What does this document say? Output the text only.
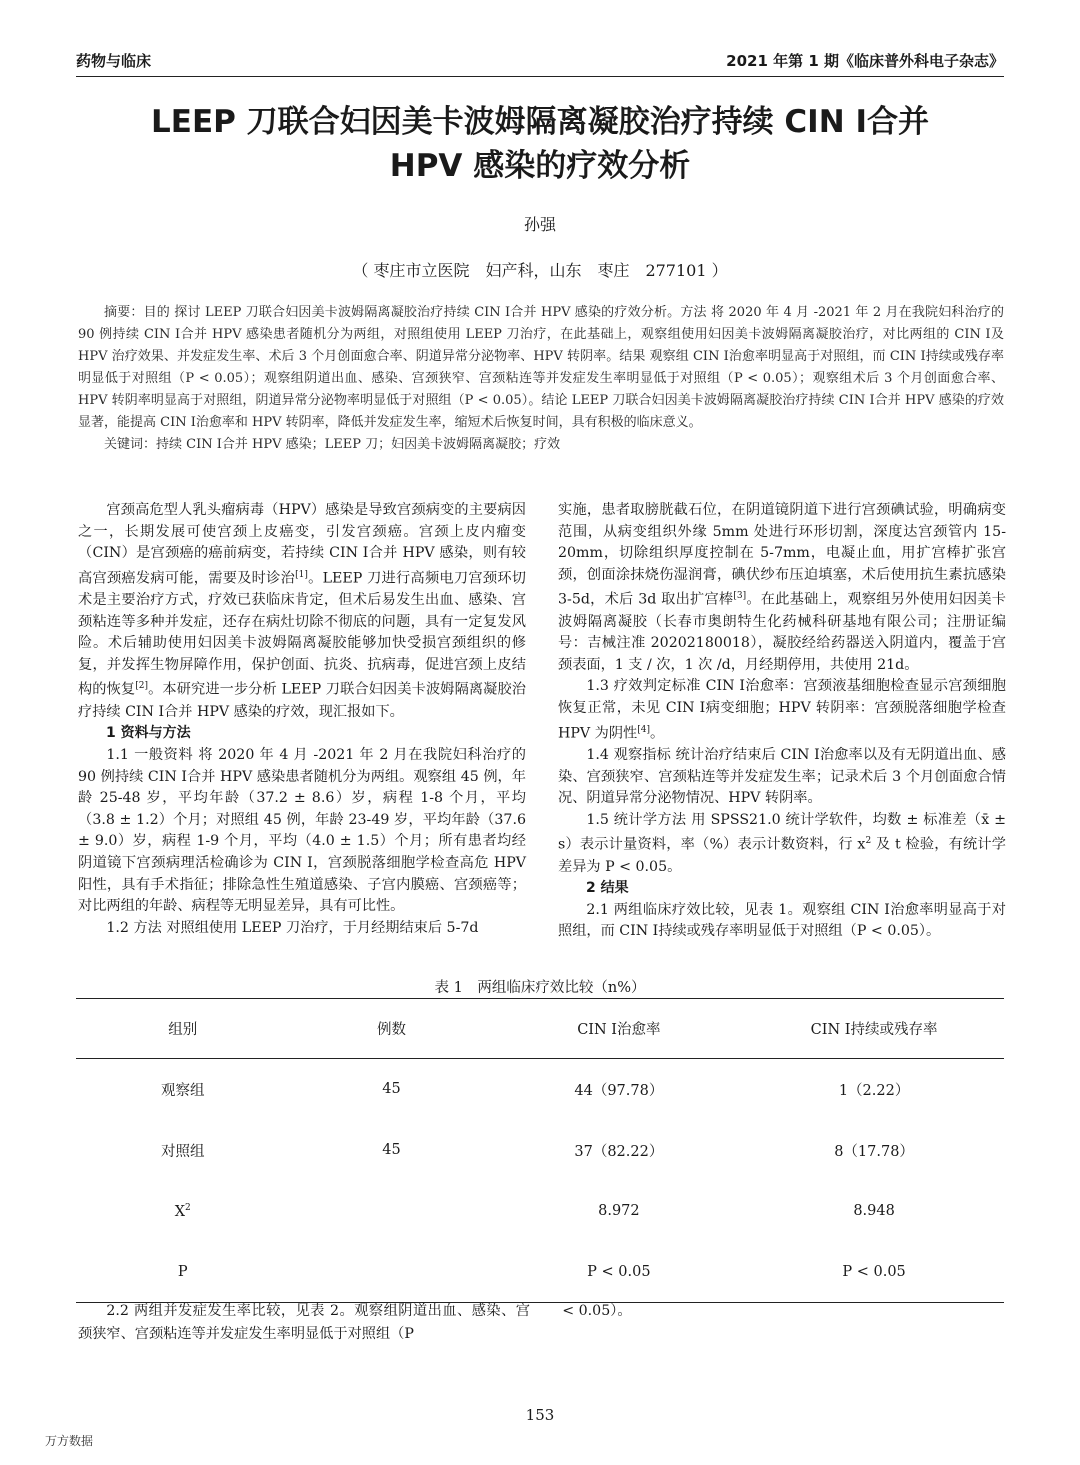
药物与临床	2021 年第 1 期《临床普外科电子杂志》
LEEP 刀联合妇因美卡波姆隔离凝胶治疗持续 CIN Ⅰ合并
HPV 感染的疗效分析
孙强
（ 枣庄市立医院　妇产科，山东　枣庄　277101 ）

摘要：目的 探讨 LEEP 刀联合妇因美卡波姆隔离凝胶治疗持续 CIN Ⅰ合并 HPV 感染的疗效分析。方法 将 2020 年 4 月 -2021 年 2 月在我院妇科治疗的 90 例持续 CIN Ⅰ合并 HPV 感染患者随机分为两组，对照组使用 LEEP 刀治疗，在此基础上，观察组使用妇因美卡波姆隔离凝胶治疗，对比两组的 CIN Ⅰ及 HPV 治疗效果、并发症发生率、术后 3 个月创面愈合率、阴道异常分泌物率、HPV 转阴率。结果 观察组 CIN Ⅰ治愈率明显高于对照组，而 CIN Ⅰ持续或残存率明显低于对照组（P < 0.05）；观察组阴道出血、感染、宫颈狭窄、宫颈粘连等并发症发生率明显低于对照组（P < 0.05）；观察组术后 3 个月创面愈合率、HPV 转阴率明显高于对照组，阴道异常分泌物率明显低于对照组（P < 0.05）。结论 LEEP 刀联合妇因美卡波姆隔离凝胶治疗持续 CIN Ⅰ合并 HPV 感染的疗效显著，能提高 CIN Ⅰ治愈率和 HPV 转阴率，降低并发症发生率，缩短术后恢复时间，具有积极的临床意义。

关键词：持续 CIN Ⅰ合并 HPV 感染；LEEP 刀；妇因美卡波姆隔离凝胶；疗效

宫颈高危型人乳头瘤病毒（HPV）感染是导致宫颈病变的主要病因之一，长期发展可使宫颈上皮癌变，引发宫颈癌。宫颈上皮内瘤变（CIN）是宫颈癌的癌前病变，若持续 CIN Ⅰ合并 HPV 感染，则有较高宫颈癌发病可能，需要及时诊治[1]。LEEP 刀进行高频电刀宫颈环切术是主要治疗方式，疗效已获临床肯定，但术后易发生出血、感染、宫颈粘连等多种并发症，还存在病灶切除不彻底的问题，具有一定复发风险。术后辅助使用妇因美卡波姆隔离凝胶能够加快受损宫颈组织的修复，并发挥生物屏障作用，保护创面、抗炎、抗病毒，促进宫颈上皮结构的恢复[2]。本研究进一步分析 LEEP 刀联合妇因美卡波姆隔离凝胶治疗持续 CIN Ⅰ合并 HPV 感染的疗效，现汇报如下。

1 资料与方法

1.1 一般资料 将 2020 年 4 月 -2021 年 2 月在我院妇科治疗的 90 例持续 CIN Ⅰ合并 HPV 感染患者随机分为两组。观察组 45 例，年龄 25-48 岁，平均年龄（37.2 ± 8.6）岁，病程 1-8 个月，平均（3.8 ± 1.2）个月；对照组 45 例，年龄 23-49 岁，平均年龄（37.6 ± 9.0）岁，病程 1-9 个月，平均（4.0 ± 1.5）个月；所有患者均经阴道镜下宫颈病理活检确诊为 CIN Ⅰ，宫颈脱落细胞学检查高危 HPV 阳性，具有手术指征；排除急性生殖道感染、子宫内膜癌、宫颈癌等；对比两组的年龄、病程等无明显差异，具有可比性。

1.2 方法 对照组使用 LEEP 刀治疗，于月经期结束后 5-7d

实施，患者取膀胱截石位，在阴道镜阴道下进行宫颈碘试验，明确病变范围，从病变组织外缘 5mm 处进行环形切割，深度达宫颈管内 15-20mm，切除组织厚度控制在 5-7mm，电凝止血，用扩宫棒扩张宫颈，创面涂抹烧伤湿润膏，碘伏纱布压迫填塞，术后使用抗生素抗感染 3-5d，术后 3d 取出扩宫棒[3]。在此基础上，观察组另外使用妇因美卡波姆隔离凝胶（长春市奥朗特生化药械科研基地有限公司；注册证编号：吉械注准 20202180018），凝胶经给药器送入阴道内，覆盖于宫颈表面，1 支 / 次，1 次 /d，月经期停用，共使用 21d。

1.3 疗效判定标准 CIN Ⅰ治愈率：宫颈液基细胞检查显示宫颈细胞恢复正常，未见 CIN Ⅰ病变细胞；HPV 转阴率：宫颈脱落细胞学检查 HPV 为阴性[4]。

1.4 观察指标 统计治疗结束后 CIN Ⅰ治愈率以及有无阴道出血、感染、宫颈狭窄、宫颈粘连等并发症发生率；记录术后 3 个月创面愈合情况、阴道异常分泌物情况、HPV 转阴率。

1.5 统计学方法 用 SPSS21.0 统计学软件，均数 ± 标准差（x̄ ± s）表示计量资料，率（%）表示计数资料，行 $x^2$ 及 t 检验，有统计学差异为 P < 0.05。

2 结果

2.1 两组临床疗效比较，见表 1。观察组 CIN Ⅰ治愈率明显高于对照组，而 CIN Ⅰ持续或残存率明显低于对照组（P < 0.05）。

表 1　两组临床疗效比较（n%）
组别	例数	CIN Ⅰ治愈率	CIN Ⅰ持续或残存率
观察组	45	44（97.78）	1（2.22）
对照组	45	37（82.22）	8（17.78）
$X^2$		8.972	8.948
P		P < 0.05	P < 0.05

2.2 两组并发症发生率比较，见表 2。观察组阴道出血、感染、宫颈狭窄、宫颈粘连等并发症发生率明显低于对照组（P

< 0.05）。

153
万方数据
